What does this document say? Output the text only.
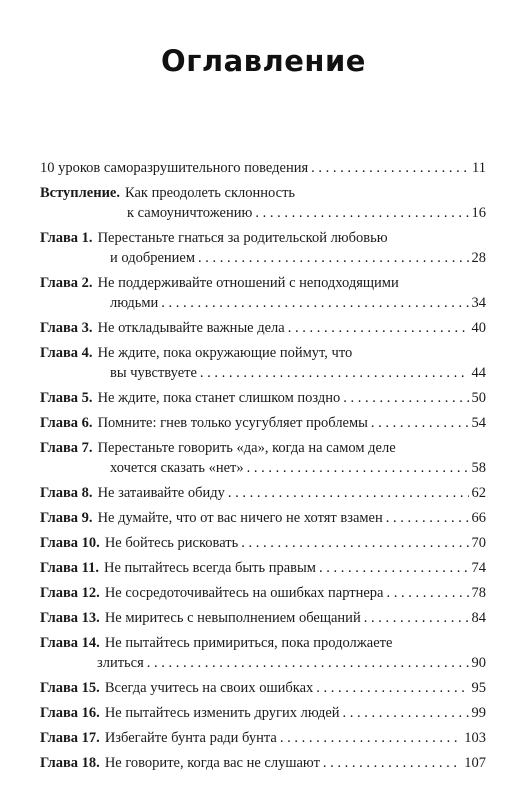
Оглавление
10 уроков саморазрушительного поведения . . .	11
Вступление. Как преодолеть склонность
к самоуничтожению . . .	16
Глава 1. Перестаньте гнаться за родительской любовью
и одобрением . . .	28
Глава 2. Не поддерживайте отношений с неподходящими
людьми . . .	34
Глава 3. Не откладывайте важные дела . . .	40
Глава 4. Не ждите, пока окружающие поймут, что
вы чувствуете . . .	44
Глава 5. Не ждите, пока станет слишком поздно . . .	50
Глава 6. Помните: гнев только усугубляет проблемы . . .	54
Глава 7. Перестаньте говорить «да», когда на самом деле
хочется сказать «нет» . . .	58
Глава 8. Не затаивайте обиду . . .	62
Глава 9. Не думайте, что от вас ничего не хотят взамен . . .	66
Глава 10. Не бойтесь рисковать . . .	70
Глава 11. Не пытайтесь всегда быть правым . . .	74
Глава 12. Не сосредоточивайтесь на ошибках партнера . . .	78
Глава 13. Не миритесь с невыполнением обещаний . . .	84
Глава 14. Не пытайтесь примириться, пока продолжаете
злиться . . .	90
Глава 15. Всегда учитесь на своих ошибках . . .	95
Глава 16. Не пытайтесь изменить других людей . . .	99
Глава 17. Избегайте бунта ради бунта . . .	103
Глава 18. Не говорите, когда вас не слушают . . .	107
